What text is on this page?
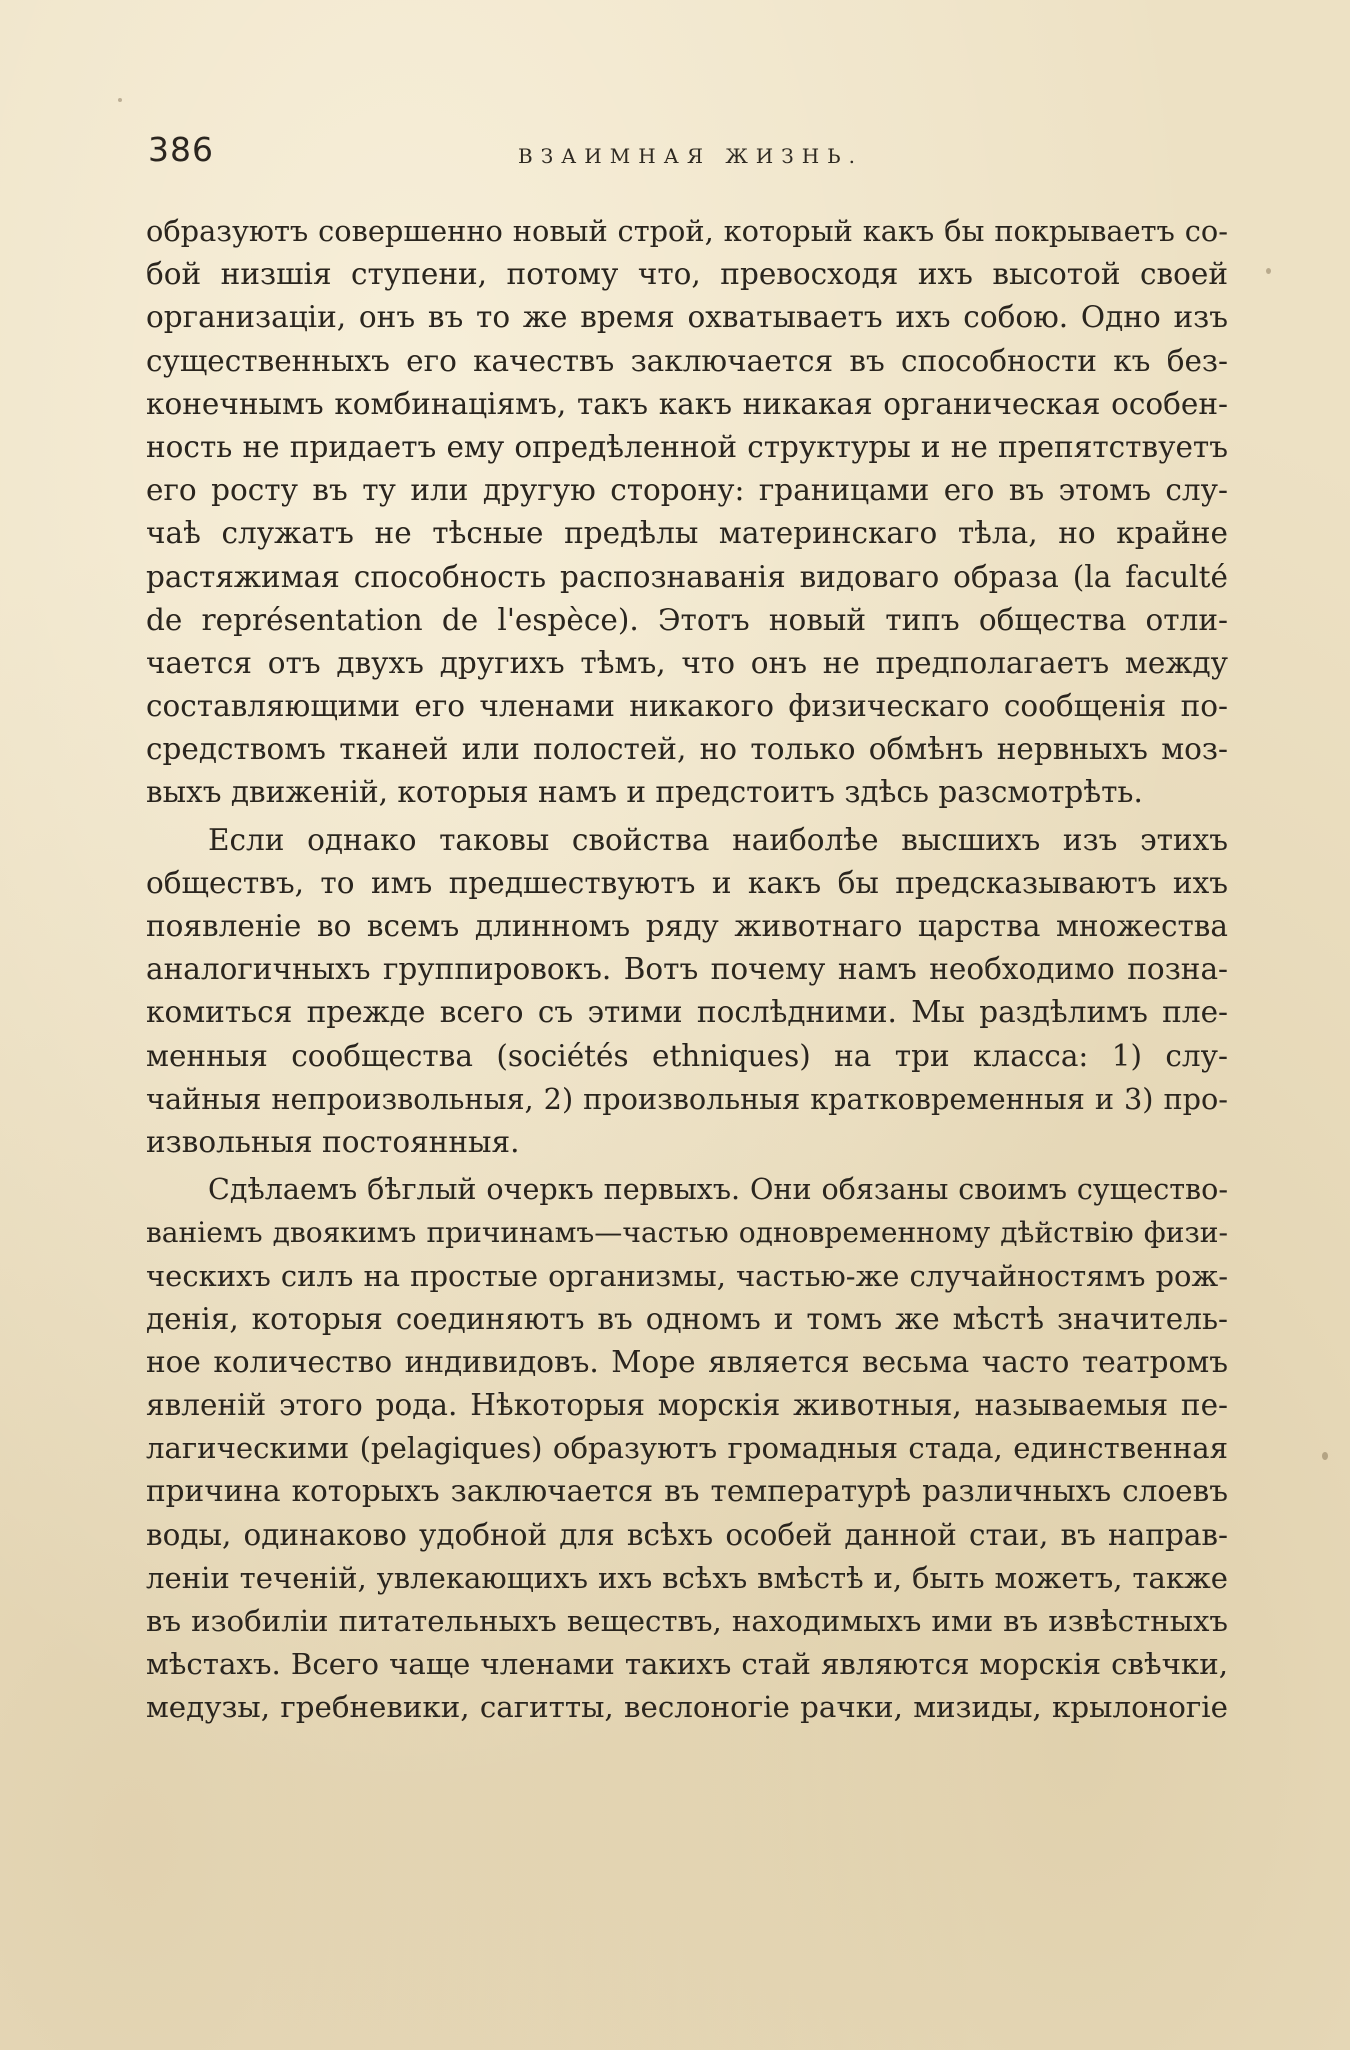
386	ВЗАИМНАЯ ЖИЗНЬ.
образуютъ совершенно новый строй, который какъ бы покрываетъ со-
бой низшія ступени, потому что, превосходя ихъ высотой своей
организаціи, онъ въ то же время охватываетъ ихъ собою. Одно изъ
существенныхъ его качествъ заключается въ способности къ без-
конечнымъ комбинаціямъ, такъ какъ никакая органическая особен-
ность не придаетъ ему опредѣленной структуры и не препятствуетъ
его росту въ ту или другую сторону: границами его въ этомъ слу-
чаѣ служатъ не тѣсные предѣлы материнскаго тѣла, но крайне
растяжимая способность распознаванія видоваго образа (la faculté
de représentation de l'espèce). Этотъ новый типъ общества отли-
чается отъ двухъ другихъ тѣмъ, что онъ не предполагаетъ между
составляющими его членами никакого физическаго сообщенія по-
средствомъ тканей или полостей, но только обмѣнъ нервныхъ моз-
выхъ движеній, которыя намъ и предстоитъ здѣсь разсмотрѣть.
Если однако таковы свойства наиболѣе высшихъ изъ этихъ
обществъ, то имъ предшествуютъ и какъ бы предсказываютъ ихъ
появленіе во всемъ длинномъ ряду животнаго царства множества
аналогичныхъ группировокъ. Вотъ почему намъ необходимо позна-
комиться прежде всего съ этими послѣдними. Мы раздѣлимъ пле-
менныя сообщества (sociétés ethniques) на три класса: 1) слу-
чайныя непроизвольныя, 2) произвольныя кратковременныя и 3) про-
извольныя постоянныя.
Сдѣлаемъ бѣглый очеркъ первыхъ. Они обязаны своимъ существо-
ваніемъ двоякимъ причинамъ—частью одновременному дѣйствію физи-
ческихъ силъ на простые организмы, частью-же случайностямъ рож-
денія, которыя соединяютъ въ одномъ и томъ же мѣстѣ значитель-
ное количество индивидовъ. Море является весьма часто театромъ
явленій этого рода. Нѣкоторыя морскія животныя, называемыя пе-
лагическими (pelagiques) образуютъ громадныя стада, единственная
причина которыхъ заключается въ температурѣ различныхъ слоевъ
воды, одинаково удобной для всѣхъ особей данной стаи, въ направ-
леніи теченій, увлекающихъ ихъ всѣхъ вмѣстѣ и, быть можетъ, также
въ изобиліи питательныхъ веществъ, находимыхъ ими въ извѣстныхъ
мѣстахъ. Всего чаще членами такихъ стай являются морскія свѣчки,
медузы, гребневики, сагитты, веслоногіе рачки, мизиды, крылоногіе
